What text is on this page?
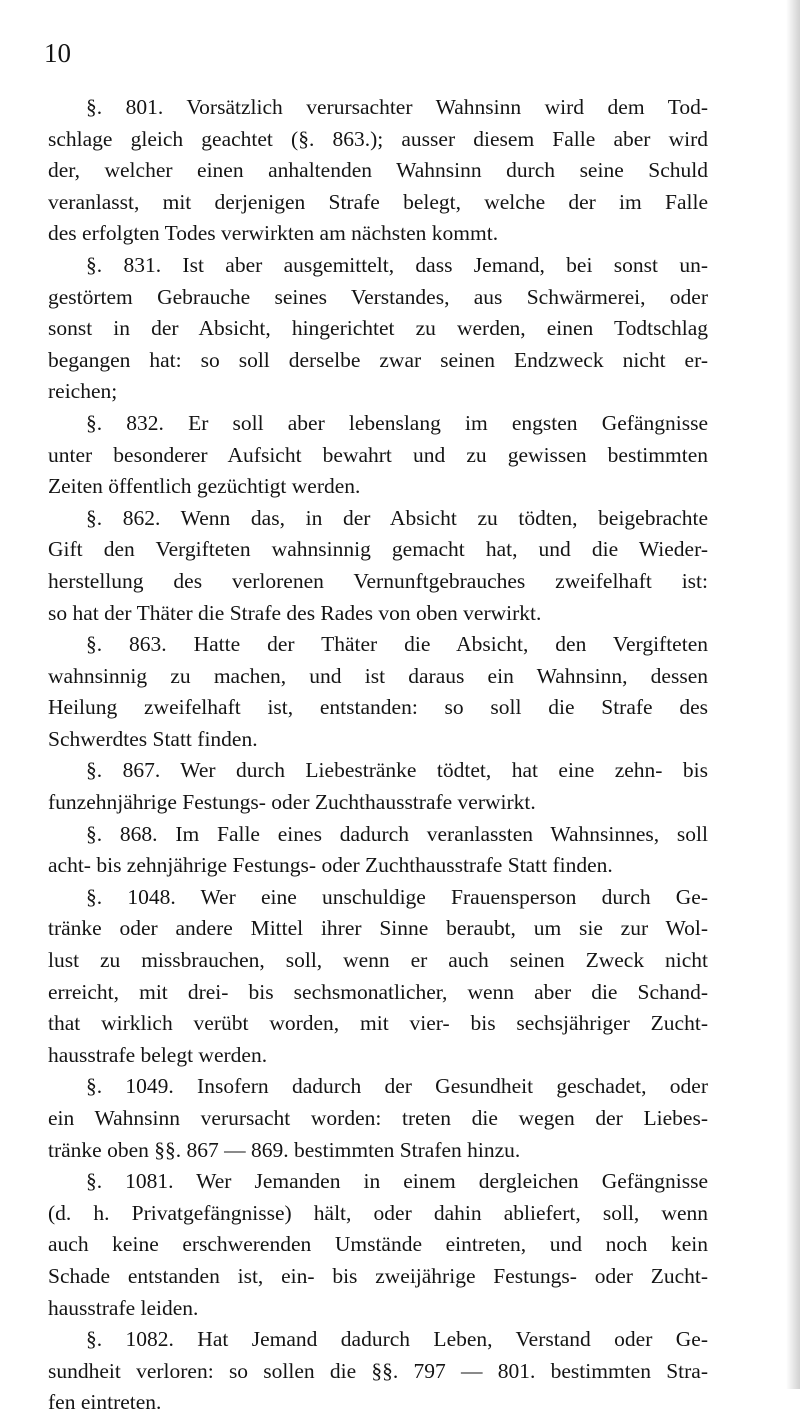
10
§. 801. Vorsätzlich verursachter Wahnsinn wird dem Tod-
schlage gleich geachtet (§. 863.); ausser diesem Falle aber wird
der, welcher einen anhaltenden Wahnsinn durch seine Schuld
veranlasst, mit derjenigen Strafe belegt, welche der im Falle
des erfolgten Todes verwirkten am nächsten kommt.
§. 831. Ist aber ausgemittelt, dass Jemand, bei sonst un-
gestörtem Gebrauche seines Verstandes, aus Schwärmerei, oder
sonst in der Absicht, hingerichtet zu werden, einen Todtschlag
begangen hat: so soll derselbe zwar seinen Endzweck nicht er-
reichen;
§. 832. Er soll aber lebenslang im engsten Gefängnisse
unter besonderer Aufsicht bewahrt und zu gewissen bestimmten
Zeiten öffentlich gezüchtigt werden.
§. 862. Wenn das, in der Absicht zu tödten, beigebrachte
Gift den Vergifteten wahnsinnig gemacht hat, und die Wieder-
herstellung des verlorenen Vernunftgebrauches zweifelhaft ist:
so hat der Thäter die Strafe des Rades von oben verwirkt.
§. 863. Hatte der Thäter die Absicht, den Vergifteten
wahnsinnig zu machen, und ist daraus ein Wahnsinn, dessen
Heilung zweifelhaft ist, entstanden: so soll die Strafe des
Schwerdtes Statt finden.
§. 867. Wer durch Liebestränke tödtet, hat eine zehn- bis
funzehnjährige Festungs- oder Zuchthausstrafe verwirkt.
§. 868. Im Falle eines dadurch veranlassten Wahnsinnes, soll
acht- bis zehnjährige Festungs- oder Zuchthausstrafe Statt finden.
§. 1048. Wer eine unschuldige Frauensperson durch Ge-
tränke oder andere Mittel ihrer Sinne beraubt, um sie zur Wol-
lust zu missbrauchen, soll, wenn er auch seinen Zweck nicht
erreicht, mit drei- bis sechsmonatlicher, wenn aber die Schand-
that wirklich verübt worden, mit vier- bis sechsjähriger Zucht-
hausstrafe belegt werden.
§. 1049. Insofern dadurch der Gesundheit geschadet, oder
ein Wahnsinn verursacht worden: treten die wegen der Liebes-
tränke oben §§. 867 — 869. bestimmten Strafen hinzu.
§. 1081. Wer Jemanden in einem dergleichen Gefängnisse
(d. h. Privatgefängnisse) hält, oder dahin abliefert, soll, wenn
auch keine erschwerenden Umstände eintreten, und noch kein
Schade entstanden ist, ein- bis zweijährige Festungs- oder Zucht-
hausstrafe leiden.
§. 1082. Hat Jemand dadurch Leben, Verstand oder Ge-
sundheit verloren: so sollen die §§. 797 — 801. bestimmten Stra-
fen eintreten.
